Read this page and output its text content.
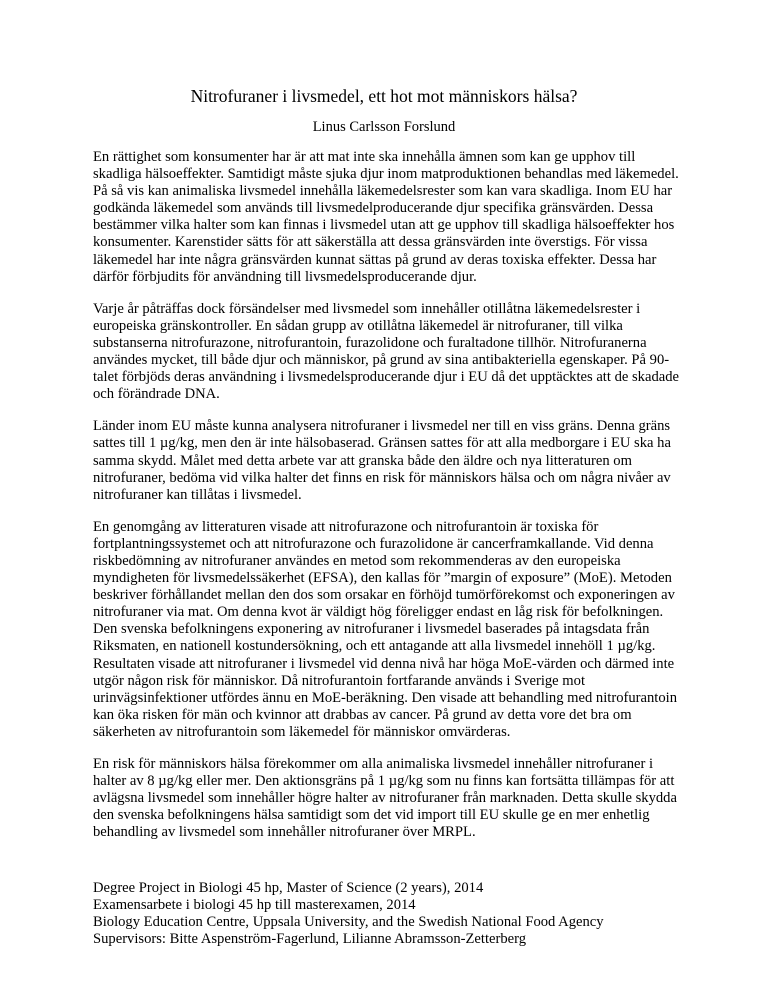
Nitrofuraner i livsmedel, ett hot mot människors hälsa?
Linus Carlsson Forslund

En rättighet som konsumenter har är att mat inte ska innehålla ämnen som kan ge upphov till skadliga hälsoeffekter. Samtidigt måste sjuka djur inom matproduktionen behandlas med läkemedel. På så vis kan animaliska livsmedel innehålla läkemedelsrester som kan vara skadliga. Inom EU har godkända läkemedel som används till livsmedelproducerande djur specifika gränsvärden. Dessa bestämmer vilka halter som kan finnas i livsmedel utan att ge upphov till skadliga hälsoeffekter hos konsumenter. Karenstider sätts för att säkerställa att dessa gränsvärden inte överstigs. För vissa läkemedel har inte några gränsvärden kunnat sättas på grund av deras toxiska effekter. Dessa har därför förbjudits för användning till livsmedelsproducerande djur.

Varje år påträffas dock försändelser med livsmedel som innehåller otillåtna läkemedelsrester i europeiska gränskontroller. En sådan grupp av otillåtna läkemedel är nitrofuraner, till vilka substanserna nitrofurazone, nitrofurantoin, furazolidone och furaltadone tillhör. Nitrofuranerna användes mycket, till både djur och människor, på grund av sina antibakteriella egenskaper. På 90-talet förbjöds deras användning i livsmedelsproducerande djur i EU då det upptäcktes att de skadade och förändrade DNA.

Länder inom EU måste kunna analysera nitrofuraner i livsmedel ner till en viss gräns. Denna gräns sattes till 1 µg/kg, men den är inte hälsobaserad. Gränsen sattes för att alla medborgare i EU ska ha samma skydd. Målet med detta arbete var att granska både den äldre och nya litteraturen om nitrofuraner, bedöma vid vilka halter det finns en risk för människors hälsa och om några nivåer av nitrofuraner kan tillåtas i livsmedel.

En genomgång av litteraturen visade att nitrofurazone och nitrofurantoin är toxiska för fortplantningssystemet och att nitrofurazone och furazolidone är cancerframkallande. Vid denna riskbedömning av nitrofuraner användes en metod som rekommenderas av den europeiska myndigheten för livsmedelssäkerhet (EFSA), den kallas för ”margin of exposure” (MoE). Metoden beskriver förhållandet mellan den dos som orsakar en förhöjd tumörförekomst och exponeringen av nitrofuraner via mat. Om denna kvot är väldigt hög föreligger endast en låg risk för befolkningen. Den svenska befolkningens exponering av nitrofuraner i livsmedel baserades på intagsdata från Riksmaten, en nationell kostundersökning, och ett antagande att alla livsmedel innehöll 1 µg/kg. Resultaten visade att nitrofuraner i livsmedel vid denna nivå har höga MoE-värden och därmed inte utgör någon risk för människor. Då nitrofurantoin fortfarande används i Sverige mot urinvägsinfektioner utfördes ännu en MoE-beräkning. Den visade att behandling med nitrofurantoin kan öka risken för män och kvinnor att drabbas av cancer. På grund av detta vore det bra om säkerheten av nitrofurantoin som läkemedel för människor omvärderas.

En risk för människors hälsa förekommer om alla animaliska livsmedel innehåller nitrofuraner i halter av 8 µg/kg eller mer. Den aktionsgräns på 1 µg/kg som nu finns kan fortsätta tillämpas för att avlägsna livsmedel som innehåller högre halter av nitrofuraner från marknaden. Detta skulle skydda den svenska befolkningens hälsa samtidigt som det vid import till EU skulle ge en mer enhetlig behandling av livsmedel som innehåller nitrofuraner över MRPL.

Degree Project in Biologi 45 hp, Master of Science (2 years), 2014
Examensarbete i biologi 45 hp till masterexamen, 2014
Biology Education Centre, Uppsala University, and the Swedish National Food Agency
Supervisors: Bitte Aspenström-Fagerlund, Lilianne Abramsson-Zetterberg
